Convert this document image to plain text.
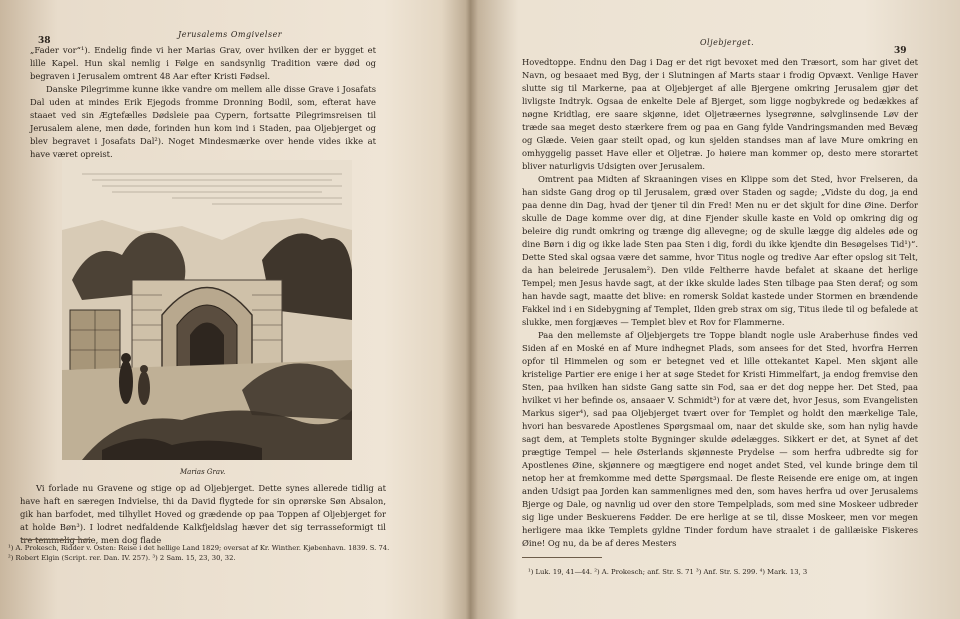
38
Jerusalems Omgivelser

„Fader vor“¹). Endelig finde vi her Marias Grav, over hvilken der er bygget et lille Kapel. Hun skal nemlig i Følge en sandsynlig Tradition være død og begraven i Jerusalem omtrent 48 Aar efter Kristi Fødsel.

Danske Pilegrimme kunne ikke vandre om mellem alle disse Grave i Josafats Dal uden at mindes Erik Ejegods fromme Dronning Bodil, som, efterat have staaet ved sin Ægtefælles Dødsleie paa Cypern, fortsatte Pilegrimsreisen til Jerusalem alene, men døde, forinden hun kom ind i Staden, paa Oljebjerget og blev begravet i Josafats Dal²). Noget Mindesmærke over hende vides ikke at have været opreist.

Marias Grav.
Vi forlade nu Gravene og stige op ad Oljebjerget. Dette synes allerede tidlig at have haft en særegen Indvielse, thi da David flygtede for sin oprørske Søn Absalon, gik han barfodet, med tilhyllet Hoved og grædende op paa Toppen af Oljebjerget for at holde Bøn³). I lodret nedfaldende Kalkfjeldslag hæver det sig terrasseformigt til tre temmelig høie, men dog flade
¹) A. Prokesch, Ridder v. Osten: Reise i det hellige Land 1829; oversat af Kr. Winther. Kjøbenhavn. 1839. S. 74.
²) Robert Elgin (Script. rer. Dan. IV. 257). ³) 2 Sam. 15, 23, 30, 32.
Oljebjerget.
39

Hovedtoppe. Endnu den Dag i Dag er det rigt bevoxet med den Træsort, som har givet det Navn, og besaaet med Byg, der i Slutningen af Marts staar i frodig Opvæxt. Venlige Haver slutte sig til Markerne, paa at Oljebjerget af alle Bjergene omkring Jerusalem gjør det livligste Indtryk. Ogsaa de enkelte Dele af Bjerget, som ligge nogbykrede og bedækkes af nøgne Kridtlag, ere saare skjønne, idet Oljetræernes lysegrønne, sølvglinsende Løv der træde saa meget desto stærkere frem og paa en Gang fylde Vandringsmanden med Bevæg og Glæde. Veien gaar steilt opad, og kun sjelden standses man af lave Mure omkring en omhyggelig passet Have eller et Oljetræ. Jo høiere man kommer op, desto mere storartet bliver naturligvis Udsigten over Jerusalem.

Omtrent paa Midten af Skraaningen vises en Klippe som det Sted, hvor Frelseren, da han sidste Gang drog op til Jerusalem, græd over Staden og sagde; „Vidste du dog, ja end paa denne din Dag, hvad der tjener til din Fred! Men nu er det skjult for dine Øine. Derfor skulle de Dage komme over dig, at dine Fjender skulle kaste en Vold op omkring dig og beleire dig rundt omkring og trænge dig allevegne; og de skulle lægge dig aldeles øde og dine Børn i dig og ikke lade Sten paa Sten i dig, fordi du ikke kjendte din Besøgelses Tid¹)“. Dette Sted skal ogsaa være det samme, hvor Titus nogle og tredive Aar efter opslog sit Telt, da han beleirede Jerusalem²). Den vilde Feltherre havde befalet at skaane det herlige Tempel; men Jesus havde sagt, at der ikke skulde lades Sten tilbage paa Sten deraf; og som han havde sagt, maatte det blive: en romersk Soldat kastede under Stormen en brændende Fakkel ind i en Sidebygning af Templet, Ilden greb strax om sig, Titus ilede til og befalede at slukke, men forgjæves — Templet blev et Rov for Flammerne.

Paa den mellemste af Oljebjergets tre Toppe blandt nogle usle Araberhuse findes ved Siden af en Moské en af Mure indhegnet Plads, som ansees for det Sted, hvorfra Herren opfor til Himmelen og som er betegnet ved et lille ottekantet Kapel. Men skjønt alle kristelige Partier ere enige i her at søge Stedet for Kristi Himmelfart, ja endog fremvise den Sten, paa hvilken han sidste Gang satte sin Fod, saa er det dog neppe her. Det Sted, paa hvilket vi her befinde os, ansaaer V. Schmidt³) for at være det, hvor Jesus, som Evangelisten Markus siger⁴), sad paa Oljebjerget tvært over for Templet og holdt den mærkelige Tale, hvori han besvarede Apostlenes Spørgsmaal om, naar det skulde ske, som han nylig havde sagt dem, at Templets stolte Bygninger skulde ødelægges. Sikkert er det, at Synet af det prægtige Tempel — hele Østerlands skjønneste Prydelse — som herfra udbredte sig for Apostlenes Øine, skjønnere og mægtigere end noget andet Sted, vel kunde bringe dem til netop her at fremkomme med dette Spørgsmaal. De fleste Reisende ere enige om, at ingen anden Udsigt paa Jorden kan sammenlignes med den, som haves herfra ud over Jerusalems Bjerge og Dale, og navnlig ud over den store Tempelplads, som med sine Moskeer udbreder sig lige under Beskuerens Fødder. De ere herlige at se til, disse Moskeer, men vor megen herligere maa ikke Templets gyldne Tinder fordum have straalet i de galilæiske Fiskeres Øine! Og nu, da be af deres Mesters

¹) Luk. 19, 41—44. ²) A. Prokesch; anf. Str. S. 71 ³) Anf. Str. S. 299. ⁴) Mark. 13, 3
